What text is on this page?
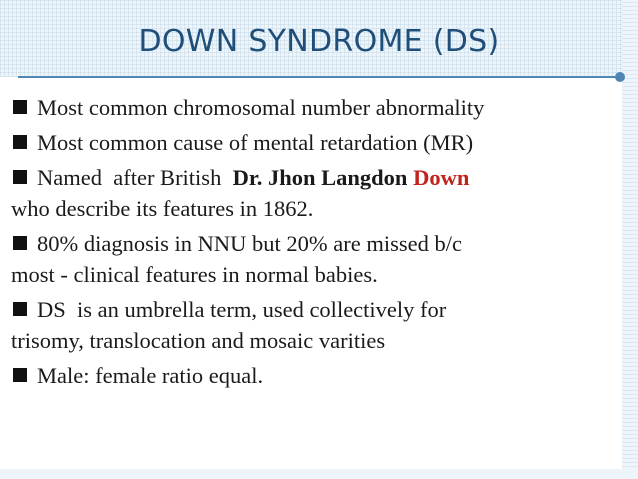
DOWN SYNDROME (DS)
Most common chromosomal number abnormality
Most common cause of mental retardation (MR)
Named  after British  Dr. Jhon Langdon Down
who describe its features in 1862.
80% diagnosis in NNU but 20% are missed b/c
most - clinical features in normal babies.
DS  is an umbrella term, used collectively for
trisomy, translocation and mosaic varities
Male: female ratio equal.
